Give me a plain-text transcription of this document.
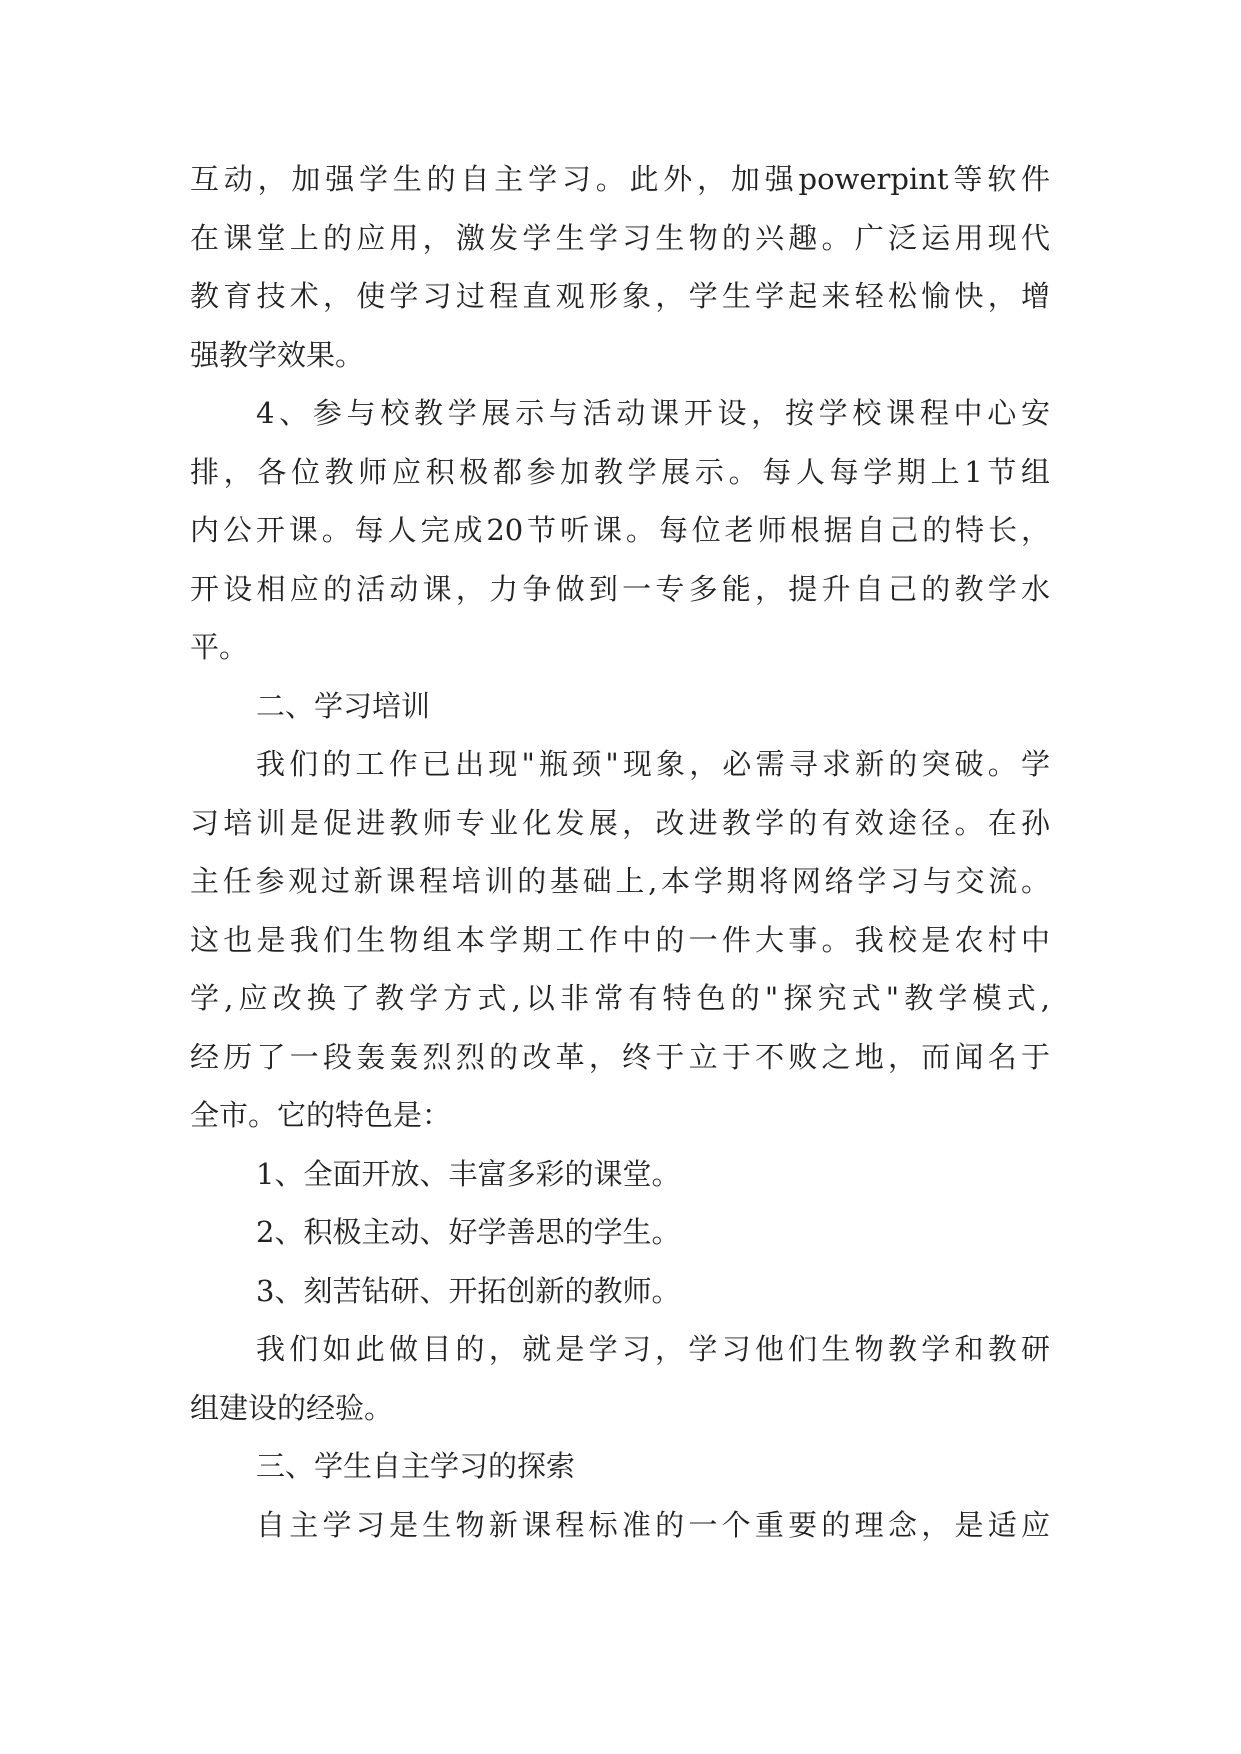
互动，加强学生的自主学习。此外，加强powerpint等软件
在课堂上的应用，激发学生学习生物的兴趣。广泛运用现代
教育技术，使学习过程直观形象，学生学起来轻松愉快，增
强教学效果。
4、参与校教学展示与活动课开设，按学校课程中心安
排，各位教师应积极都参加教学展示。每人每学期上1节组
内公开课。每人完成20节听课。每位老师根据自己的特长，
开设相应的活动课，力争做到一专多能，提升自己的教学水
平。
二、学习培训
我们的工作已出现"瓶颈"现象，必需寻求新的突破。学
习培训是促进教师专业化发展，改进教学的有效途径。在孙
主任参观过新课程培训的基础上,本学期将网络学习与交流。
这也是我们生物组本学期工作中的一件大事。我校是农村中
学,应改换了教学方式,以非常有特色的"探究式"教学模式,
经历了一段轰轰烈烈的改革，终于立于不败之地，而闻名于
全市。它的特色是：
1、全面开放、丰富多彩的课堂。
2、积极主动、好学善思的学生。
3、刻苦钻研、开拓创新的教师。
我们如此做目的，就是学习，学习他们生物教学和教研
组建设的经验。
三、学生自主学习的探索
自主学习是生物新课程标准的一个重要的理念，是适应
